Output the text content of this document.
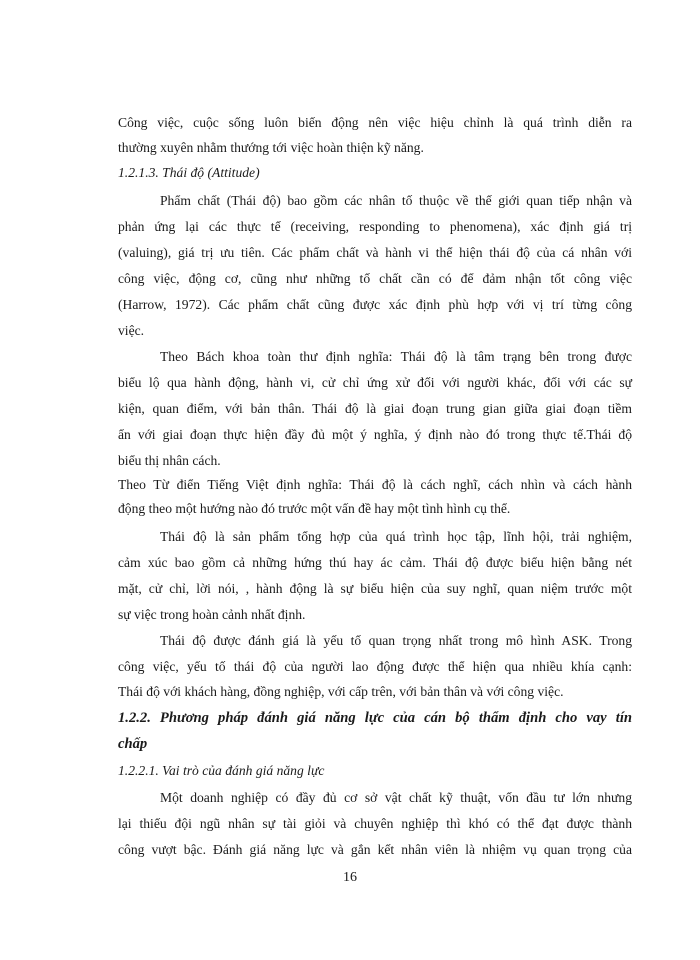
Công việc, cuộc sống luôn biến động nên việc hiệu chỉnh là quá trình diễn ra
thường xuyên nhằm thướng tới việc hoàn thiện kỹ năng.
1.2.1.3. Thái độ (Attitude)
Phẩm chất (Thái độ) bao gồm các nhân tố thuộc về thế giới quan tiếp nhận và
phản ứng lại các thực tế (receiving, responding to phenomena), xác định giá trị
(valuing), giá trị ưu tiên. Các phẩm chất và hành vi thể hiện thái độ của cá nhân với
công việc, động cơ, cũng như những tố chất cần có để đảm nhận tốt công việc
(Harrow, 1972). Các phẩm chất cũng được xác định phù hợp với vị trí từng công
việc.
Theo Bách khoa toàn thư định nghĩa: Thái độ là tâm trạng bên trong được
biểu lộ qua hành động, hành vi, cử chỉ ứng xử đối với người khác, đối với các sự
kiện, quan điểm, với bản thân. Thái độ là giai đoạn trung gian giữa giai đoạn tiềm
ẩn với giai đoạn thực hiện đầy đủ một ý nghĩa, ý định nào đó trong thực tế.Thái độ
biểu thị nhân cách.
Theo Từ điển Tiếng Việt định nghĩa: Thái độ là cách nghĩ, cách nhìn và cách hành
động theo một hướng nào đó trước một vấn đề hay một tình hình cụ thể.
Thái độ là sản phẩm tổng hợp của quá trình học tập, lĩnh hội, trải nghiệm,
cảm xúc bao gồm cả những hứng thú hay ác cảm. Thái độ được biểu hiện bằng nét
mặt, cử chỉ, lời nói, , hành động là sự biểu hiện của suy nghĩ, quan niệm trước một
sự việc trong hoàn cảnh nhất định.
Thái độ được đánh giá là yếu tố quan trọng nhất trong mô hình ASK. Trong
công việc, yếu tố thái độ của người lao động được thể hiện qua nhiều khía cạnh:
Thái độ với khách hàng, đồng nghiệp, với cấp trên, với bản thân và với công việc.
1.2.2. Phương pháp đánh giá năng lực của cán bộ thẩm định cho vay tín
chấp
1.2.2.1. Vai trò của đánh giá năng lực
Một doanh nghiệp có đầy đủ cơ sở vật chất kỹ thuật, vốn đầu tư lớn nhưng
lại thiếu đội ngũ nhân sự tài giỏi và chuyên nghiệp thì khó có thể đạt được thành
công vượt bậc. Đánh giá năng lực và gắn kết nhân viên là nhiệm vụ quan trọng của
16
